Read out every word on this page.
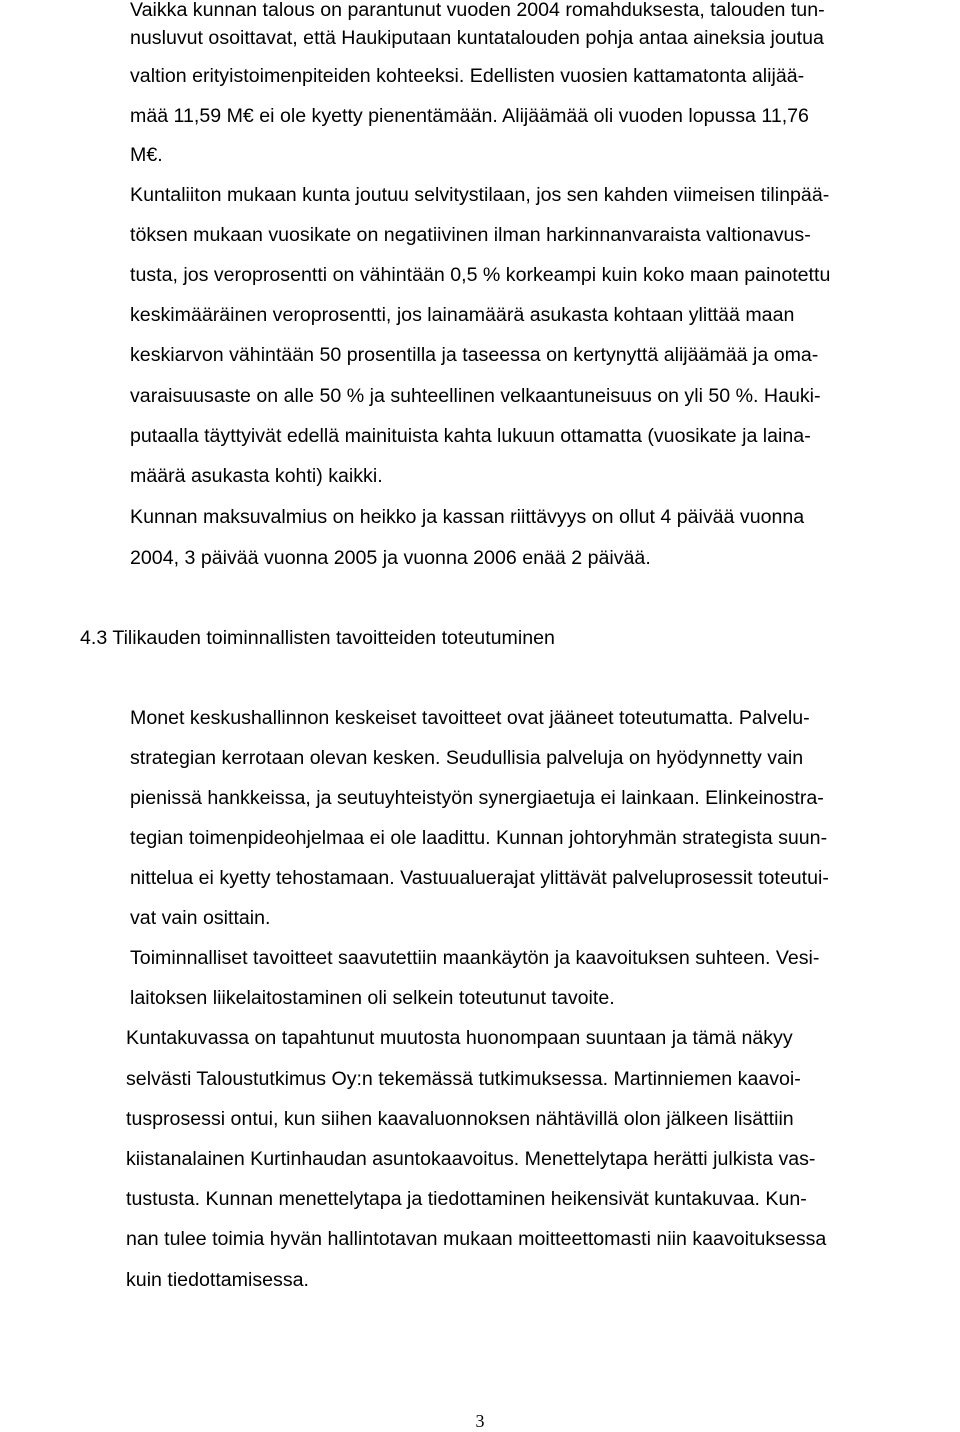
Vaikka kunnan talous on parantunut vuoden 2004 romahduksesta, talouden tun-
nusluvut osoittavat, että Haukiputaan kuntatalouden pohja antaa aineksia joutua
valtion erityistoimenpiteiden kohteeksi. Edellisten vuosien kattamatonta alijää-
mää 11,59 M€ ei ole kyetty pienentämään. Alijäämää oli vuoden lopussa 11,76
M€.
Kuntaliiton mukaan kunta joutuu selvitystilaan, jos sen kahden viimeisen tilinpää-
töksen mukaan vuosikate on negatiivinen ilman harkinnanvaraista valtionavus-
tusta, jos veroprosentti on vähintään 0,5 % korkeampi kuin koko maan painotettu
keskimääräinen veroprosentti, jos lainamäärä asukasta kohtaan ylittää maan
keskiarvon vähintään 50 prosentilla ja taseessa on kertynyttä alijäämää ja oma-
varaisuusaste on alle 50 % ja suhteellinen velkaantuneisuus on yli 50 %. Hauki-
putaalla täyttyivät edellä mainituista kahta lukuun ottamatta (vuosikate ja laina-
määrä asukasta kohti) kaikki.
Kunnan maksuvalmius on heikko ja kassan riittävyys on ollut 4 päivää vuonna
2004, 3 päivää vuonna 2005 ja vuonna 2006 enää 2 päivää.
4.3 Tilikauden toiminnallisten tavoitteiden toteutuminen
Monet keskushallinnon keskeiset tavoitteet ovat jääneet toteutumatta. Palvelu-
strategian kerrotaan olevan kesken. Seudullisia palveluja on hyödynnetty vain
pienissä hankkeissa, ja seutuyhteistyön synergiaetuja ei lainkaan. Elinkeinostra-
tegian toimenpideohjelmaa ei ole laadittu. Kunnan johtoryhmän strategista suun-
nittelua ei kyetty tehostamaan. Vastuualuerajat ylittävät palveluprosessit toteutui-
vat vain osittain.
Toiminnalliset tavoitteet saavutettiin maankäytön ja kaavoituksen suhteen. Vesi-
laitoksen liikelaitostaminen oli selkein toteutunut tavoite.
Kuntakuvassa on tapahtunut muutosta huonompaan suuntaan ja tämä näkyy
selvästi Taloustutkimus Oy:n tekemässä tutkimuksessa. Martinniemen kaavoi-
tusprosessi ontui, kun siihen kaavaluonnoksen nähtävillä olon jälkeen lisättiin
kiistanalainen Kurtinhaudan asuntokaavoitus. Menettelytapa herätti julkista vas-
tustusta. Kunnan menettelytapa ja tiedottaminen heikensivät kuntakuvaa. Kun-
nan tulee toimia hyvän hallintotavan mukaan moitteettomasti niin kaavoituksessa
kuin tiedottamisessa.
3
